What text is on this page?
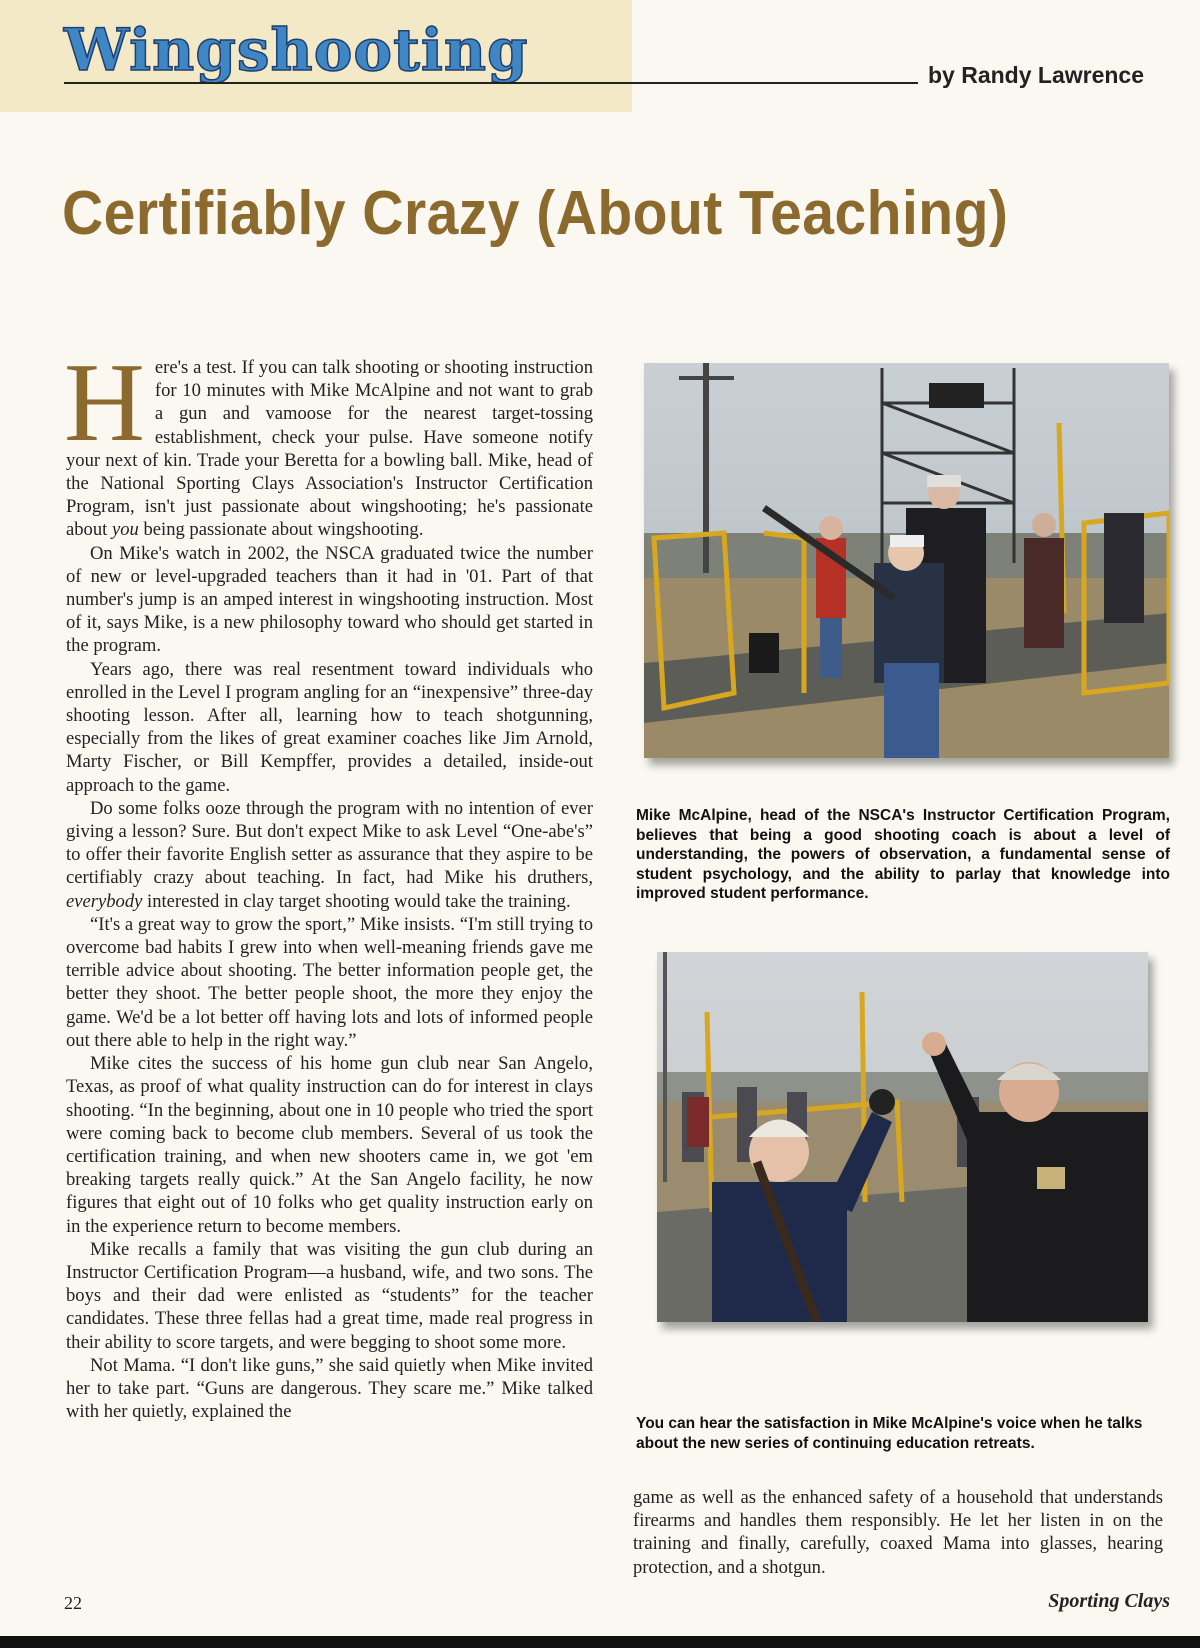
Wingshooting	by Randy Lawrence
Certifiably Crazy (About Teaching)

Here's a test. If you can talk shooting or shooting instruction for 10 minutes with Mike McAlpine and not want to grab a gun and vamoose for the nearest target-tossing establishment, check your pulse. Have someone notify your next of kin. Trade your Beretta for a bowling ball. Mike, head of the National Sporting Clays Association's Instructor Certification Program, isn't just passionate about wingshooting; he's passionate about you being passionate about wingshooting.

On Mike's watch in 2002, the NSCA graduated twice the number of new or level-upgraded teachers than it had in '01. Part of that number's jump is an amped interest in wingshooting instruction. Most of it, says Mike, is a new philosophy toward who should get started in the program.

Years ago, there was real resentment toward individuals who enrolled in the Level I program angling for an “inexpensive” three-day shooting lesson. After all, learning how to teach shotgunning, especially from the likes of great examiner coaches like Jim Arnold, Marty Fischer, or Bill Kempffer, provides a detailed, inside-out approach to the game.

Do some folks ooze through the program with no intention of ever giving a lesson? Sure. But don't expect Mike to ask Level “One-abe's” to offer their favorite English setter as assurance that they aspire to be certifiably crazy about teaching. In fact, had Mike his druthers, everybody interested in clay target shooting would take the training.

“It's a great way to grow the sport,” Mike insists. “I'm still trying to overcome bad habits I grew into when well-meaning friends gave me terrible advice about shooting. The better information people get, the better they shoot. The better people shoot, the more they enjoy the game. We'd be a lot better off having lots and lots of informed people out there able to help in the right way.”

Mike cites the success of his home gun club near San Angelo, Texas, as proof of what quality instruction can do for interest in clays shooting. “In the beginning, about one in 10 people who tried the sport were coming back to become club members. Several of us took the certification training, and when new shooters came in, we got 'em breaking targets really quick.” At the San Angelo facility, he now figures that eight out of 10 folks who get quality instruction early on in the experience return to become members.

Mike recalls a family that was visiting the gun club during an Instructor Certification Program—a husband, wife, and two sons. The boys and their dad were enlisted as “students” for the teacher candidates. These three fellas had a great time, made real progress in their ability to score targets, and were begging to shoot some more.

Not Mama. “I don't like guns,” she said quietly when Mike invited her to take part. “Guns are dangerous. They scare me.” Mike talked with her quietly, explained the

Mike McAlpine, head of the NSCA's Instructor Certification Program, believes that being a good shooting coach is about a level of understanding, the powers of observation, a fundamental sense of student psychology, and the ability to parlay that knowledge into improved student performance.
You can hear the satisfaction in Mike McAlpine's voice when he talks about the new series of continuing education retreats.

game as well as the enhanced safety of a household that understands firearms and handles them responsibly. He let her listen in on the training and finally, carefully, coaxed Mama into glasses, hearing protection, and a shotgun.

22	Sporting Clays
